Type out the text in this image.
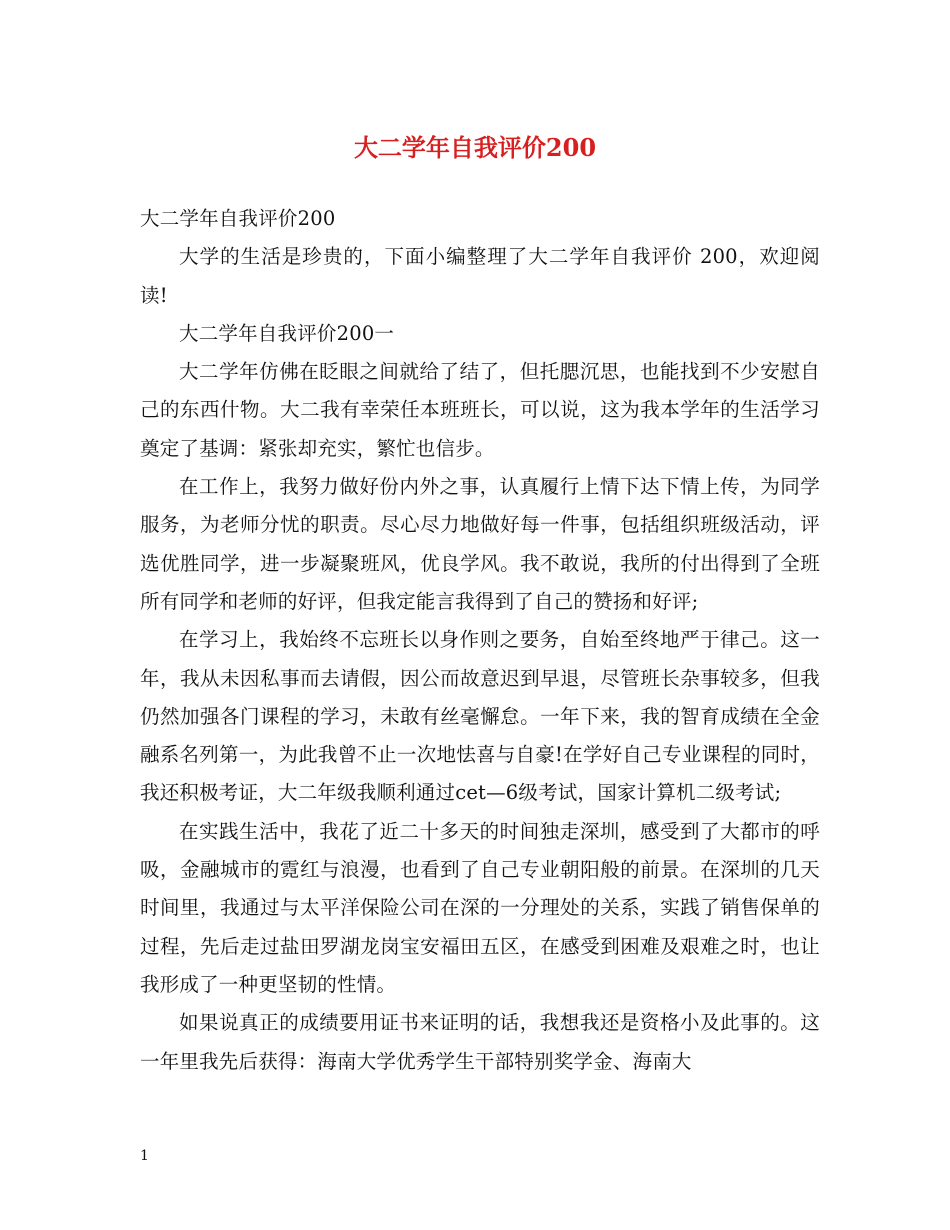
大二学年自我评价200

大二学年自我评价200

大学的生活是珍贵的，下面小编整理了大二学年自我评价 200，欢迎阅读!

大二学年自我评价200一

大二学年仿佛在眨眼之间就给了结了，但托腮沉思，也能找到不少安慰自己的东西什物。大二我有幸荣任本班班长，可以说，这为我本学年的生活学习奠定了基调：紧张却充实，繁忙也信步。

在工作上，我努力做好份内外之事，认真履行上情下达下情上传，为同学服务，为老师分忧的职责。尽心尽力地做好每一件事，包括组织班级活动，评选优胜同学，进一步凝聚班风，优良学风。我不敢说，我所的付出得到了全班所有同学和老师的好评，但我定能言我得到了自己的赞扬和好评;

在学习上，我始终不忘班长以身作则之要务，自始至终地严于律己。这一年，我从未因私事而去请假，因公而故意迟到早退，尽管班长杂事较多，但我仍然加强各门课程的学习，未敢有丝毫懈怠。一年下来，我的智育成绩在全金融系名列第一，为此我曾不止一次地怯喜与自豪!在学好自己专业课程的同时，我还积极考证，大二年级我顺利通过cet—6级考试，国家计算机二级考试;

在实践生活中，我花了近二十多天的时间独走深圳，感受到了大都市的呼吸，金融城市的霓红与浪漫，也看到了自己专业朝阳般的前景。在深圳的几天时间里，我通过与太平洋保险公司在深的一分理处的关系，实践了销售保单的过程，先后走过盐田罗湖龙岗宝安福田五区，在感受到困难及艰难之时，也让我形成了一种更坚韧的性情。

如果说真正的成绩要用证书来证明的话，我想我还是资格小及此事的。这一年里我先后获得：海南大学优秀学生干部特别奖学金、海南大

1
